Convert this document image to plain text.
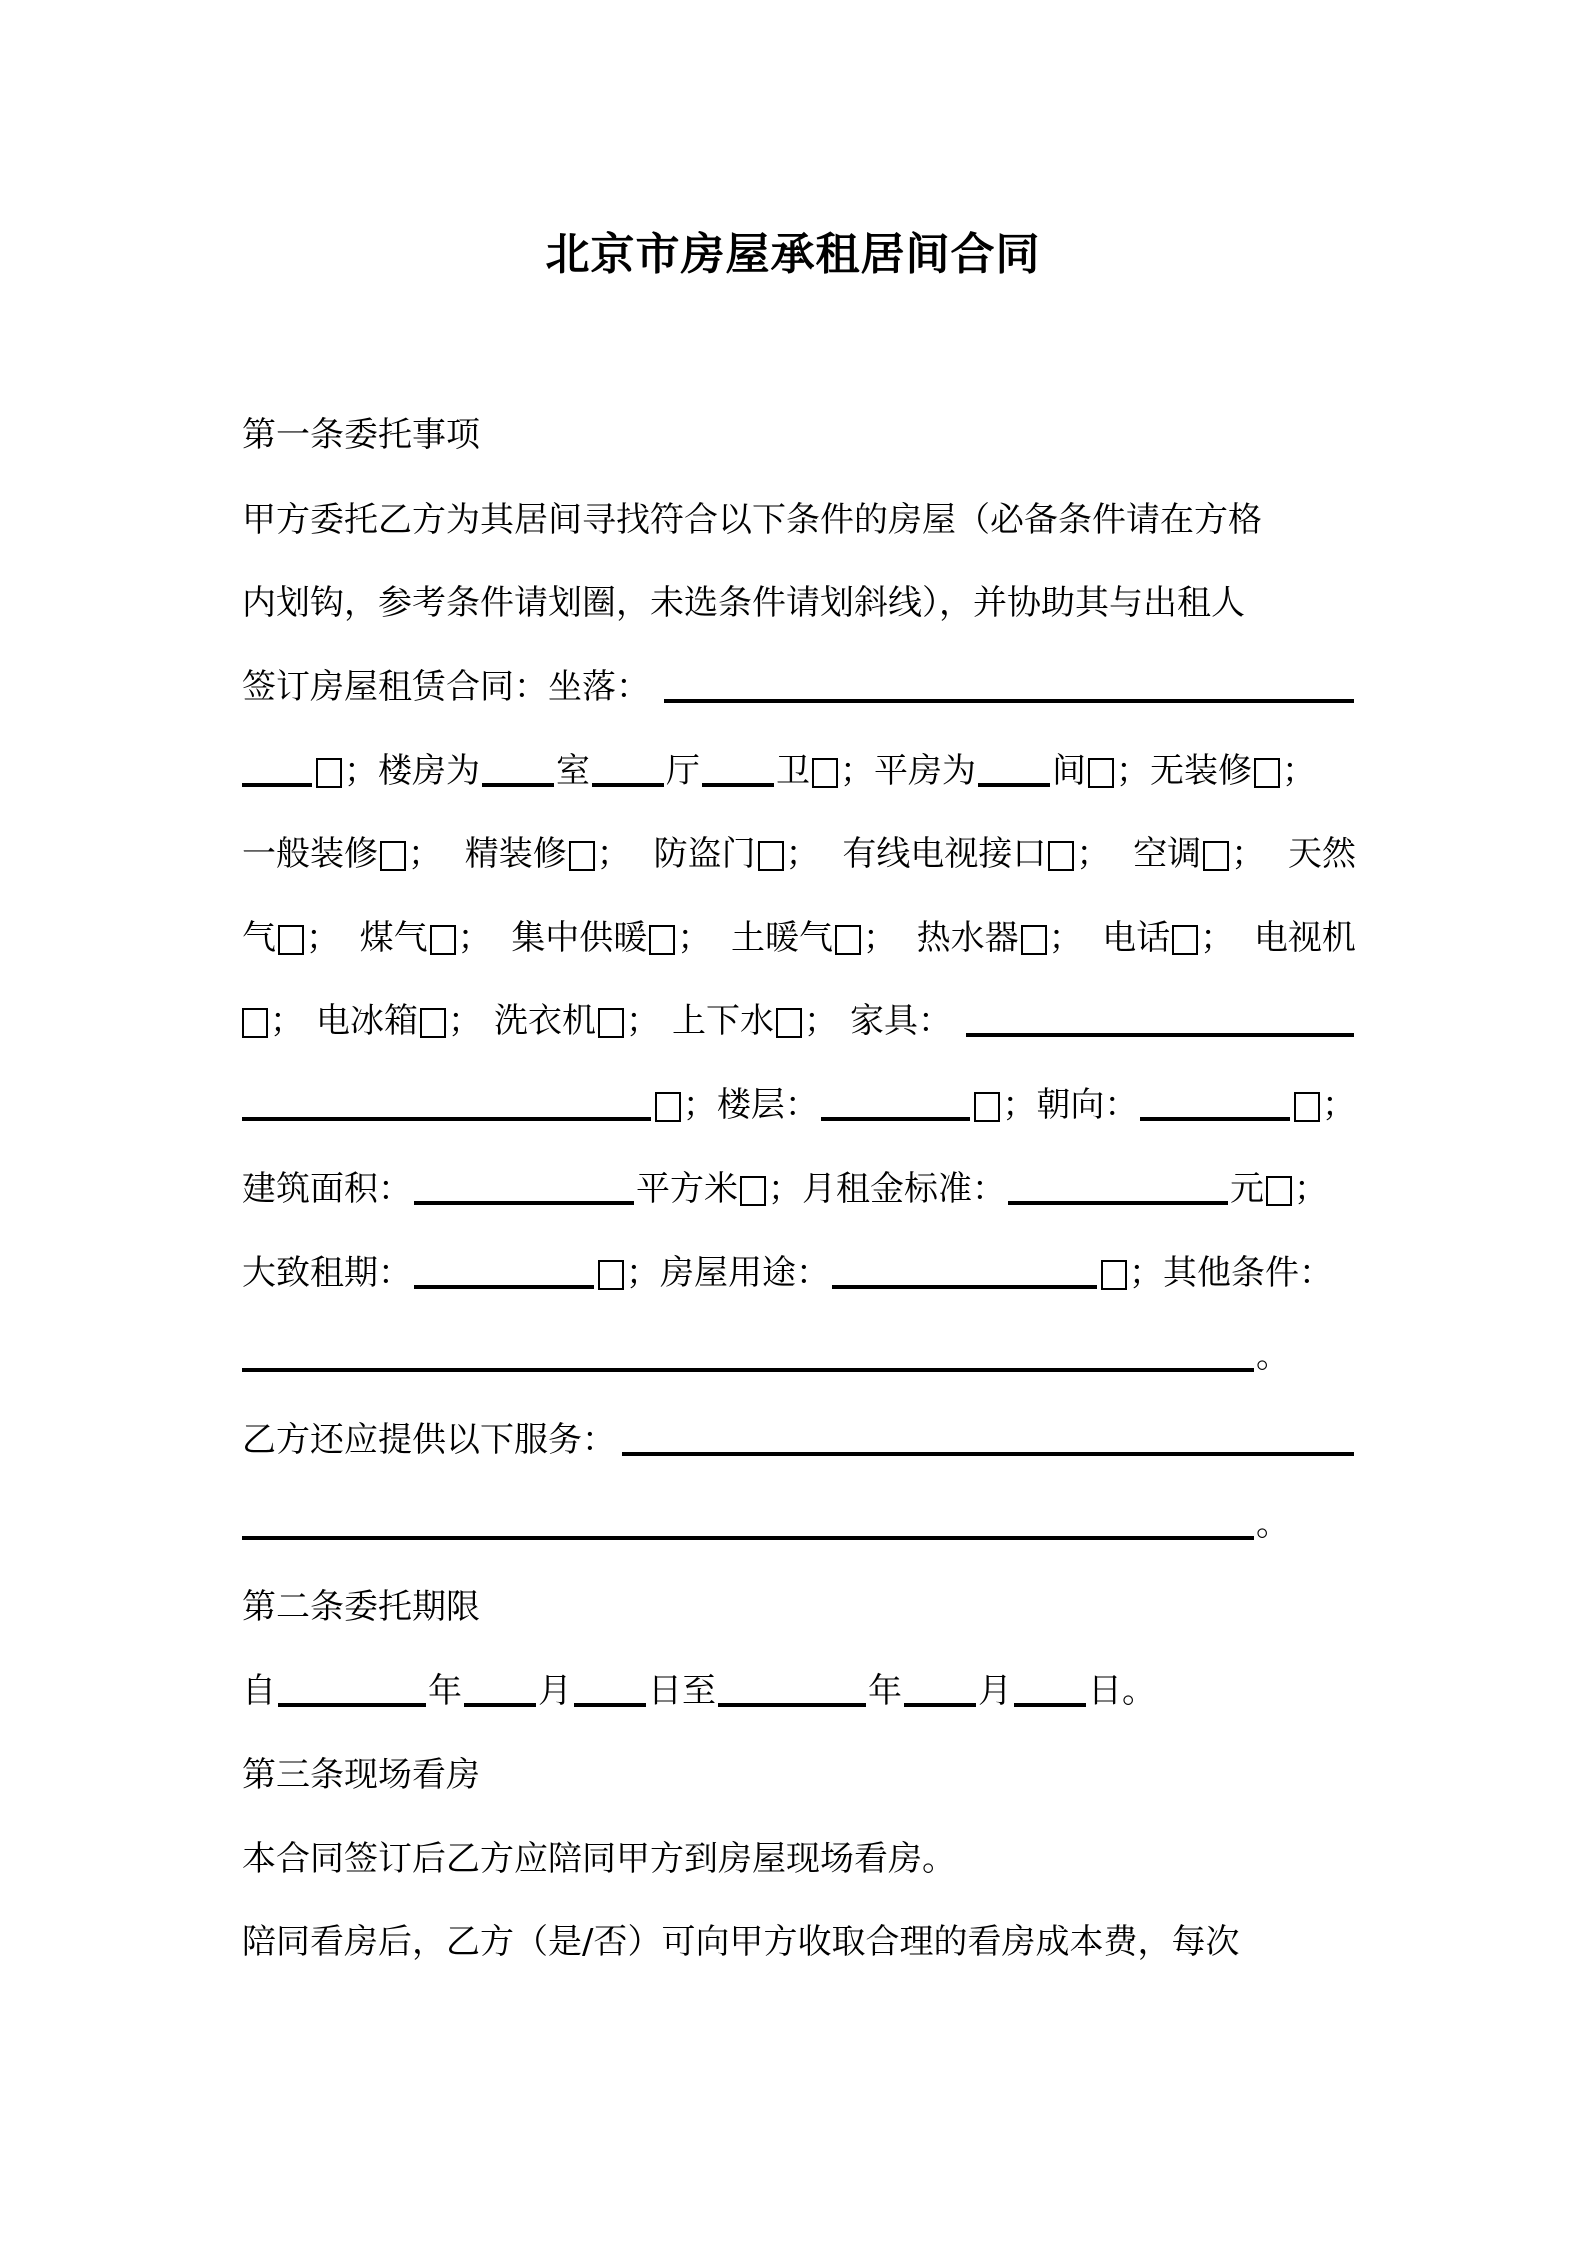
北京市房屋承租居间合同
第一条委托事项
甲方委托乙方为其居间寻找符合以下条件的房屋（必备条件请在方格
内划钩，参考条件请划圈，未选条件请划斜线），并协助其与出租人
签订房屋租赁合同：坐落：
；楼房为 室 厅 卫 ；平房为 间 ；无装修 ；
一般装修 ； 精装修 ； 防盗门 ； 有线电视接口 ； 空调 ； 天然
气 ； 煤气 ； 集中供暖 ； 土暖气 ； 热水器 ； 电话 ； 电视机
； 电冰箱 ； 洗衣机 ； 上下水 ； 家具：
；楼层：	；朝向：	；
建筑面积：	平方米 ；月租金标准：	元 ；
大致租期：	；房屋用途：	；其他条件：
。
乙方还应提供以下服务：
。
第二条委托期限
自	年 月 日至	年 月 日。
第三条现场看房
本合同签订后乙方应陪同甲方到房屋现场看房。
陪同看房后，乙方（是/否）可向甲方收取合理的看房成本费，每次
